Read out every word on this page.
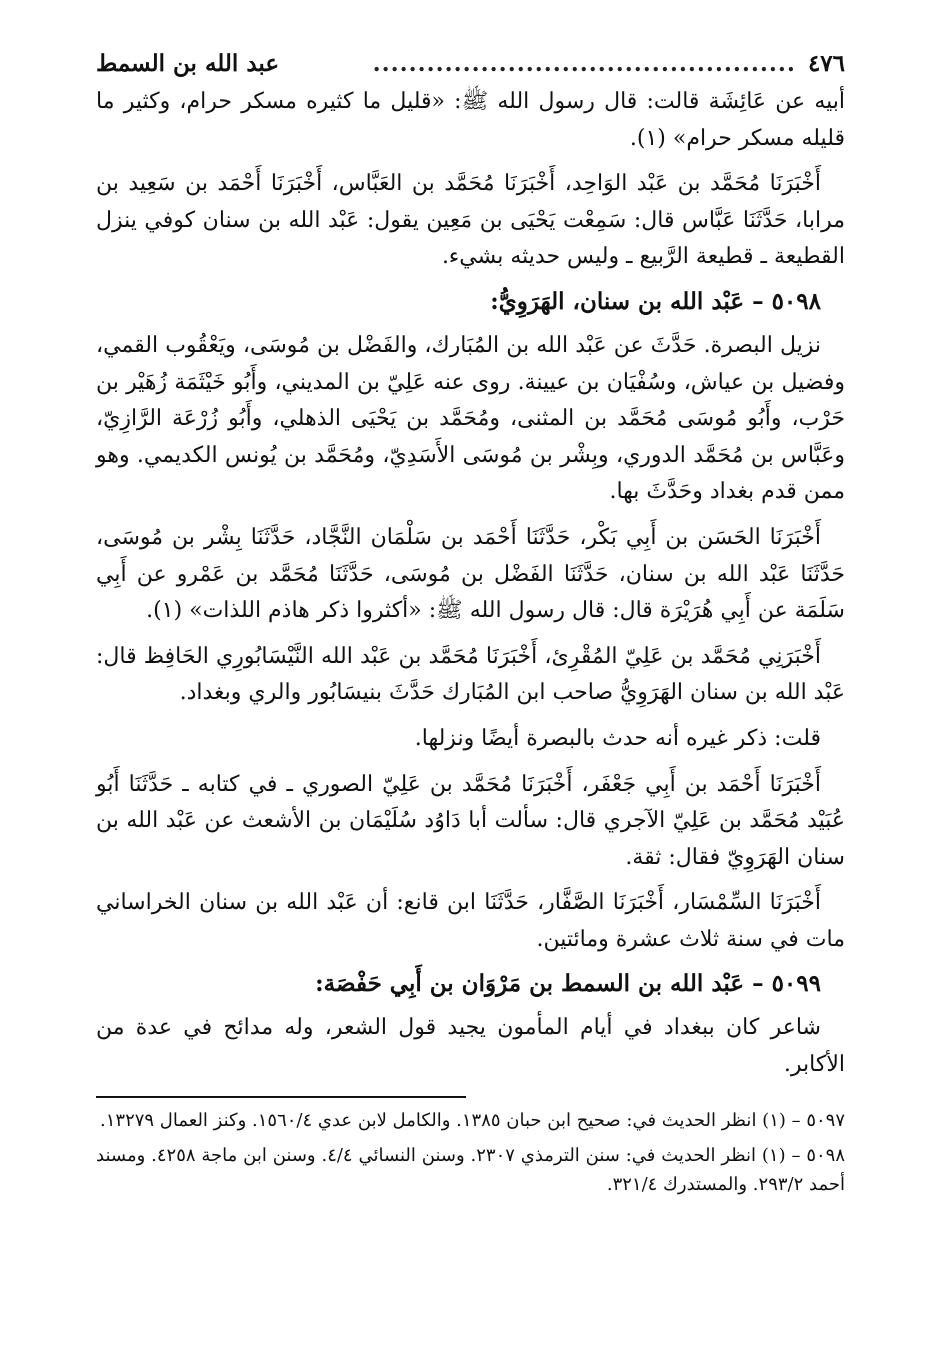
٤٧٦
...............................................
عبد الله بن السمط

أبيه عن عَائِشَة قالت: قال رسول الله ﷺ: «قليل ما كثيره مسكر حرام، وكثير ما قليله مسكر حرام» (١).

أَخْبَرَنَا مُحَمَّد بن عَبْد الوَاحِد، أَخْبَرَنَا مُحَمَّد بن العَبَّاس، أَخْبَرَنَا أَحْمَد بن سَعِيد بن مرابا، حَدَّثَنَا عَبَّاس قال: سَمِعْت يَحْيَى بن مَعِين يقول: عَبْد الله بن سنان كوفي ينزل القطيعة ـ قطيعة الرَّبيع ـ وليس حديثه بشيء.

٥٠٩٨ – عَبْد الله بن سنان، الهَرَوِيُّ:

نزيل البصرة. حَدَّثَ عن عَبْد الله بن المُبَارك، والفَضْل بن مُوسَى، ويَعْقُوب القمي، وفضيل بن عياش، وسُفْيَان بن عيينة. روى عنه عَلِيّ بن المديني، وأَبُو خَيْثَمَة زُهَيْر بن حَرْب، وأَبُو مُوسَى مُحَمَّد بن المثنى، ومُحَمَّد بن يَحْيَى الذهلي، وأَبُو زُرْعَة الرَّازِيّ، وعَبَّاس بن مُحَمَّد الدوري، وبِشْر بن مُوسَى الأَسَدِيّ، ومُحَمَّد بن يُونس الكديمي. وهو ممن قدم بغداد وحَدَّثَ بها.

أَخْبَرَنَا الحَسَن بن أَبِي بَكْر، حَدَّثَنَا أَحْمَد بن سَلْمَان النَّجَّاد، حَدَّثَنَا بِشْر بن مُوسَى، حَدَّثَنَا عَبْد الله بن سنان، حَدَّثَنَا الفَضْل بن مُوسَى، حَدَّثَنَا مُحَمَّد بن عَمْرو عن أَبِي سَلَمَة عن أَبِي هُرَيْرَة قال: قال رسول الله ﷺ: «أكثروا ذكر هاذم اللذات» (١).

أَخْبَرَنِي مُحَمَّد بن عَلِيّ المُقْرِئ، أَخْبَرَنَا مُحَمَّد بن عَبْد الله النَّيْسَابُورِي الحَافِظ قال: عَبْد الله بن سنان الهَرَوِيُّ صاحب ابن المُبَارك حَدَّثَ بنيسَابُور والري وبغداد.

قلت: ذكر غيره أنه حدث بالبصرة أيضًا ونزلها.

أَخْبَرَنَا أَحْمَد بن أَبِي جَعْفَر، أَخْبَرَنَا مُحَمَّد بن عَلِيّ الصوري ـ في كتابه ـ حَدَّثَنَا أَبُو عُبَيْد مُحَمَّد بن عَلِيّ الآجري قال: سألت أبا دَاوُد سُلَيْمَان بن الأشعث عن عَبْد الله بن سنان الهَرَوِيّ فقال: ثقة.

أَخْبَرَنَا السِّمْسَار، أَخْبَرَنَا الصَّفَّار، حَدَّثَنَا ابن قانع: أن عَبْد الله بن سنان الخراساني مات في سنة ثلاث عشرة ومائتين.

٥٠٩٩ – عَبْد الله بن السمط بن مَرْوَان بن أَبِي حَفْصَة:

شاعر كان ببغداد في أيام المأمون يجيد قول الشعر، وله مدائح في عدة من الأكابر.

٥٠٩٧ – (١) انظر الحديث في: صحيح ابن حبان ١٣٨٥. والكامل لابن عدي ١٥٦٠/٤. وكنز العمال ١٣٢٧٩.

٥٠٩٨ – (١) انظر الحديث في: سنن الترمذي ٢٣٠٧. وسنن النسائي ٤/٤. وسنن ابن ماجة ٤٢٥٨. ومسند أحمد ٢٩٣/٢. والمستدرك ٣٢١/٤.
